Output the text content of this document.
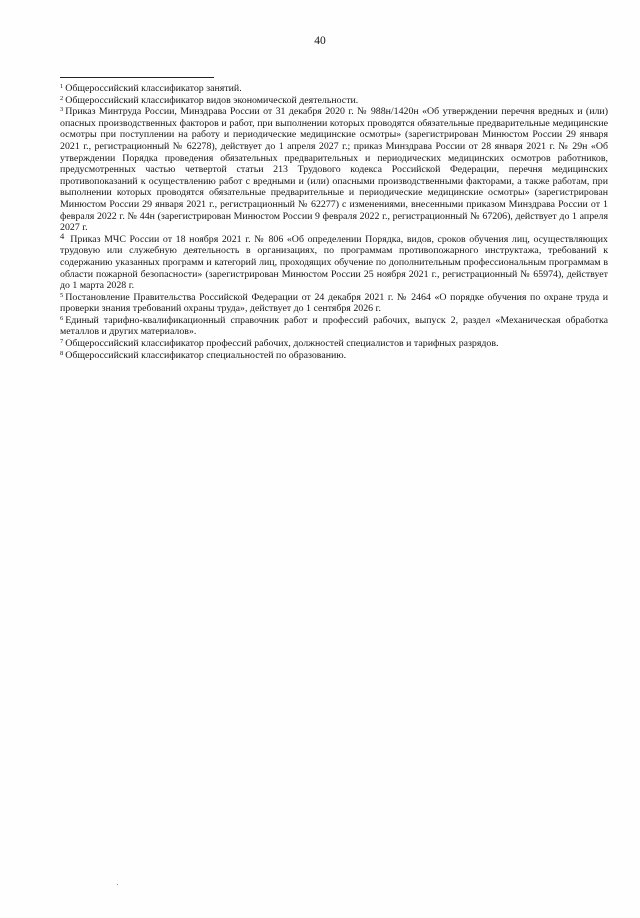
40

$^1$ Общероссийский классификатор занятий.

$^2$ Общероссийский классификатор видов экономической деятельности.

$^3$ Приказ Минтруда России, Минздрава России от 31 декабря 2020 г. № 988н/1420н «Об утверждении перечня вредных и (или) опасных производственных факторов и работ, при выполнении которых проводятся обязательные предварительные медицинские осмотры при поступлении на работу и периодические медицинские осмотры» (зарегистрирован Минюстом России 29 января 2021 г., регистрационный № 62278), действует до 1 апреля 2027 г.; приказ Минздрава России от 28 января 2021 г. № 29н «Об утверждении Порядка проведения обязательных предварительных и периодических медицинских осмотров работников, предусмотренных частью четвертой статьи 213 Трудового кодекса Российской Федерации, перечня медицинских противопоказаний к осуществлению работ с вредными и (или) опасными производственными факторами, а также работам, при выполнении которых проводятся обязательные предварительные и периодические медицинские осмотры» (зарегистрирован Минюстом России 29 января 2021 г., регистрационный № 62277) с изменениями, внесенными приказом Минздрава России от 1 февраля 2022 г. № 44н (зарегистрирован Минюстом России 9 февраля 2022 г., регистрационный № 67206), действует до 1 апреля 2027 г.

$^4$ Приказ МЧС России от 18 ноября 2021 г. № 806 «Об определении Порядка, видов, сроков обучения лиц, осуществляющих трудовую или служебную деятельность в организациях, по программам противопожарного инструктажа, требований к содержанию указанных программ и категорий лиц, проходящих обучение по дополнительным профессиональным программам в области пожарной безопасности» (зарегистрирован Минюстом России 25 ноября 2021 г., регистрационный № 65974), действует до 1 марта 2028 г.

$^5$ Постановление Правительства Российской Федерации от 24 декабря 2021 г. № 2464 «О порядке обучения по охране труда и проверки знания требований охраны труда», действует до 1 сентября 2026 г.

$^6$ Единый тарифно-квалификационный справочник работ и профессий рабочих, выпуск 2, раздел «Механическая обработка металлов и других материалов».

$^7$ Общероссийский классификатор профессий рабочих, должностей специалистов и тарифных разрядов.

$^8$ Общероссийский классификатор специальностей по образованию.
